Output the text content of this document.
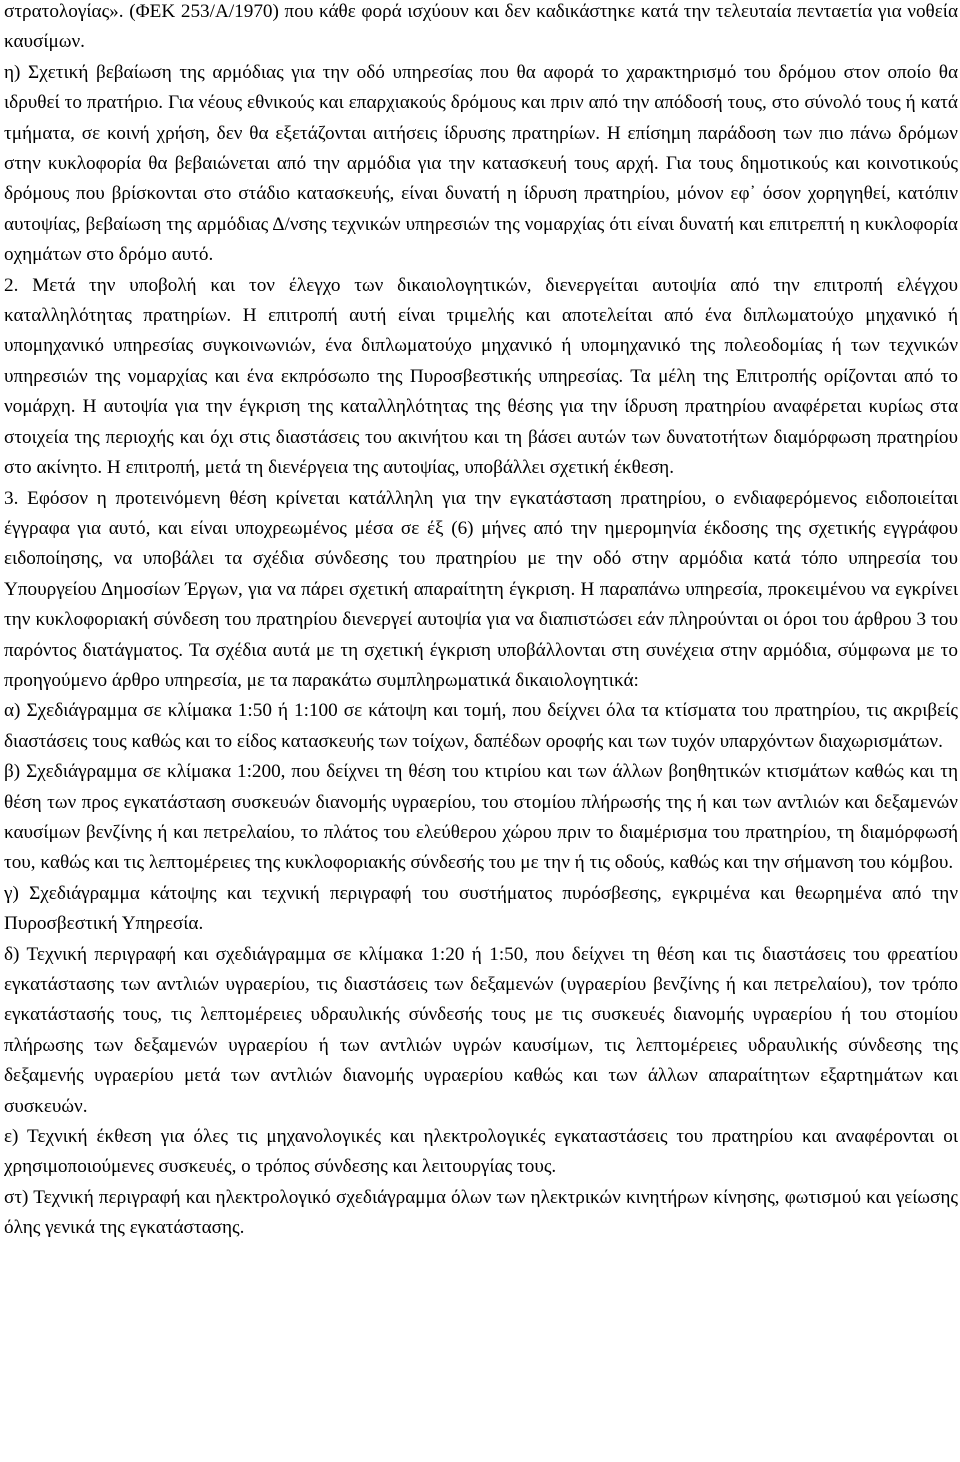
στρατολογίας». (ΦΕΚ 253/Α/1970) που κάθε φορά ισχύουν και δεν καδικάστηκε κατά την τελευταία πενταετία για νοθεία καυσίμων.

η) Σχετική βεβαίωση της αρμόδιας για την οδό υπηρεσίας που θα αφορά το χαρακτηρισμό του δρόμου στον οποίο θα ιδρυθεί το πρατήριο. Για νέους εθνικούς και επαρχιακούς δρόμους και πριν από την απόδοσή τους, στο σύνολό τους ή κατά τμήματα, σε κοινή χρήση, δεν θα εξετάζονται αιτήσεις ίδρυσης πρατηρίων. Η επίσημη παράδοση των πιο πάνω δρόμων στην κυκλοφορία θα βεβαιώνεται από την αρμόδια για την κατασκευή τους αρχή. Για τους δημοτικούς και κοινοτικούς δρόμους που βρίσκονται στο στάδιο κατασκευής, είναι δυνατή η ίδρυση πρατηρίου, μόνον εφ᾿ όσον χορηγηθεί, κατόπιν αυτοψίας, βεβαίωση της αρμόδιας Δ/νσης τεχνικών υπηρεσιών της νομαρχίας ότι είναι δυνατή και επιτρεπτή η κυκλοφορία οχημάτων στο δρόμο αυτό.

2. Μετά την υποβολή και τον έλεγχο των δικαιολογητικών, διενεργείται αυτοψία από την επιτροπή ελέγχου καταλληλότητας πρατηρίων. Η επιτροπή αυτή είναι τριμελής και αποτελείται από ένα διπλωματούχο μηχανικό ή υπομηχανικό υπηρεσίας συγκοινωνιών, ένα διπλωματούχο μηχανικό ή υπομηχανικό της πολεοδομίας ή των τεχνικών υπηρεσιών της νομαρχίας και ένα εκπρόσωπο της Πυροσβεστικής υπηρεσίας. Τα μέλη της Επιτροπής ορίζονται από το νομάρχη. Η αυτοψία για την έγκριση της καταλληλότητας της θέσης για την ίδρυση πρατηρίου αναφέρεται κυρίως στα στοιχεία της περιοχής και όχι στις διαστάσεις του ακινήτου και τη βάσει αυτών των δυνατοτήτων διαμόρφωση πρατηρίου στο ακίνητο. Η επιτροπή, μετά τη διενέργεια της αυτοψίας, υποβάλλει σχετική έκθεση.

3. Εφόσον η προτεινόμενη θέση κρίνεται κατάλληλη για την εγκατάσταση πρατηρίου, ο ενδιαφερόμενος ειδοποιείται έγγραφα για αυτό, και είναι υποχρεωμένος μέσα σε έξ (6) μήνες από την ημερομηνία έκδοσης της σχετικής εγγράφου ειδοποίησης, να υποβάλει τα σχέδια σύνδεσης του πρατηρίου με την οδό στην αρμόδια κατά τόπο υπηρεσία του Υπουργείου Δημοσίων Έργων, για να πάρει σχετική απαραίτητη έγκριση. Η παραπάνω υπηρεσία, προκειμένου να εγκρίνει την κυκλοφοριακή σύνδεση του πρατηρίου διενεργεί αυτοψία για να διαπιστώσει εάν πληρούνται οι όροι του άρθρου 3 του παρόντος διατάγματος. Τα σχέδια αυτά με τη σχετική έγκριση υποβάλλονται στη συνέχεια στην αρμόδια, σύμφωνα με το προηγούμενο άρθρο υπηρεσία, με τα παρακάτω συμπληρωματικά δικαιολογητικά:

α) Σχεδιάγραμμα σε κλίμακα 1:50 ή 1:100 σε κάτοψη και τομή, που δείχνει όλα τα κτίσματα του πρατηρίου, τις ακριβείς διαστάσεις τους καθώς και το είδος κατασκευής των τοίχων, δαπέδων οροφής και των τυχόν υπαρχόντων διαχωρισμάτων.

β) Σχεδιάγραμμα σε κλίμακα 1:200, που δείχνει τη θέση του κτιρίου και των άλλων βοηθητικών κτισμάτων καθώς και τη θέση των προς εγκατάσταση συσκευών διανομής υγραερίου, του στομίου πλήρωσής της ή και των αντλιών και δεξαμενών καυσίμων βενζίνης ή και πετρελαίου, το πλάτος του ελεύθερου χώρου πριν το διαμέρισμα του πρατηρίου, τη διαμόρφωσή του, καθώς και τις λεπτομέρειες της κυκλοφοριακής σύνδεσής του με την ή τις οδούς, καθώς και την σήμανση του κόμβου.

γ) Σχεδιάγραμμα κάτοψης και τεχνική περιγραφή του συστήματος πυρόσβεσης, εγκριμένα και θεωρημένα από την Πυροσβεστική Υπηρεσία.

δ) Τεχνική περιγραφή και σχεδιάγραμμα σε κλίμακα 1:20 ή 1:50, που δείχνει τη θέση και τις διαστάσεις του φρεατίου εγκατάστασης των αντλιών υγραερίου, τις διαστάσεις των δεξαμενών (υγραερίου βενζίνης ή και πετρελαίου), τον τρόπο εγκατάστασής τους, τις λεπτομέρειες υδραυλικής σύνδεσής τους με τις συσκευές διανομής υγραερίου ή του στομίου πλήρωσης των δεξαμενών υγραερίου ή των αντλιών υγρών καυσίμων, τις λεπτομέρειες υδραυλικής σύνδεσης της δεξαμενής υγραερίου μετά των αντλιών διανομής υγραερίου καθώς και των άλλων απαραίτητων εξαρτημάτων και συσκευών.

ε) Τεχνική έκθεση για όλες τις μηχανολογικές και ηλεκτρολογικές εγκαταστάσεις του πρατηρίου και αναφέρονται οι χρησιμοποιούμενες συσκευές, ο τρόπος σύνδεσης και λειτουργίας τους.

στ) Τεχνική περιγραφή και ηλεκτρολογικό σχεδιάγραμμα όλων των ηλεκτρικών κινητήρων κίνησης, φωτισμού και γείωσης όλης γενικά της εγκατάστασης.
